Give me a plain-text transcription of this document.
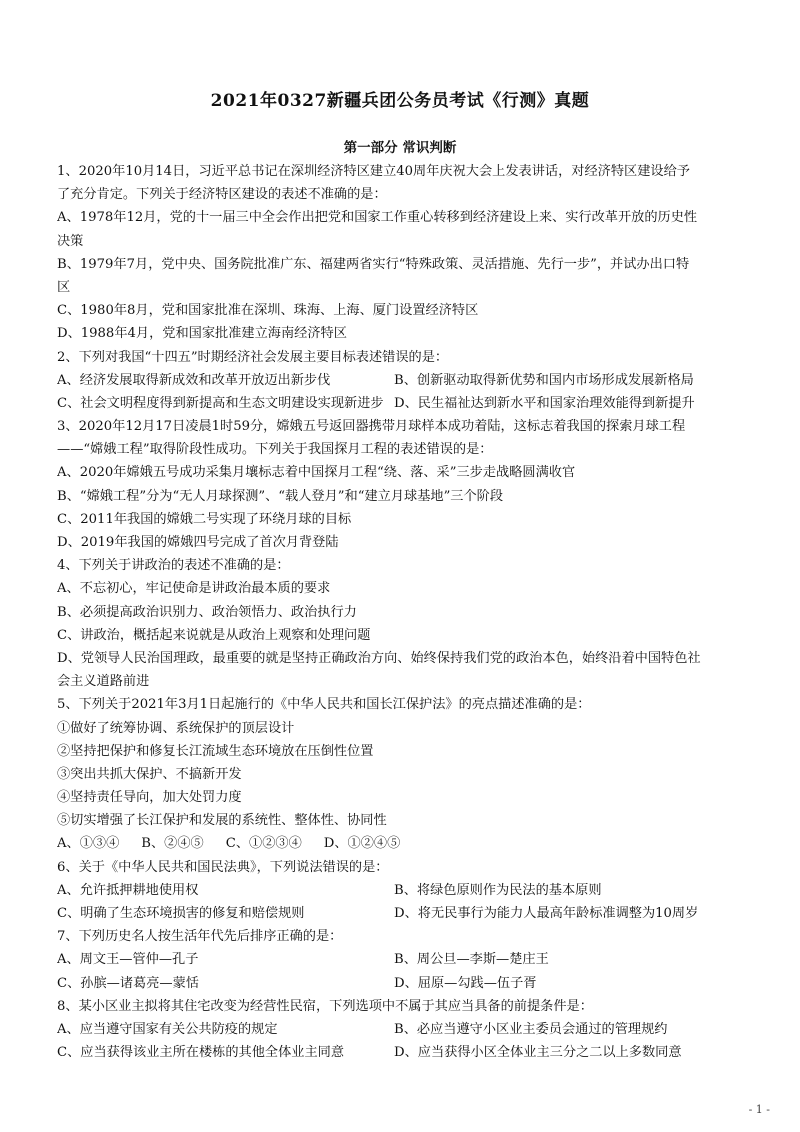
2021年0327新疆兵团公务员考试《行测》真题
第一部分 常识判断
1、2020年10月14日，习近平总书记在深圳经济特区建立40周年庆祝大会上发表讲话，对经济特区建设给予
了充分肯定。下列关于经济特区建设的表述不准确的是：
A、1978年12月，党的十一届三中全会作出把党和国家工作重心转移到经济建设上来、实行改革开放的历史性
决策
B、1979年7月，党中央、国务院批准广东、福建两省实行“特殊政策、灵活措施、先行一步”，并试办出口特
区
C、1980年8月，党和国家批准在深圳、珠海、上海、厦门设置经济特区
D、1988年4月，党和国家批准建立海南经济特区
2、下列对我国“十四五”时期经济社会发展主要目标表述错误的是：
A、经济发展取得新成效和改革开放迈出新步伐	B、创新驱动取得新优势和国内市场形成发展新格局
C、社会文明程度得到新提高和生态文明建设实现新进步 D、民生福祉达到新水平和国家治理效能得到新提升
3、2020年12月17日凌晨1时59分，嫦娥五号返回器携带月球样本成功着陆，这标志着我国的探索月球工程
——“嫦娥工程”取得阶段性成功。下列关于我国探月工程的表述错误的是：
A、2020年嫦娥五号成功采集月壤标志着中国探月工程“绕、落、采”三步走战略圆满收官
B、“嫦娥工程”分为“无人月球探测”、“载人登月”和“建立月球基地”三个阶段
C、2011年我国的嫦娥二号实现了环绕月球的目标
D、2019年我国的嫦娥四号完成了首次月背登陆
4、下列关于讲政治的表述不准确的是：
A、不忘初心，牢记使命是讲政治最本质的要求
B、必须提高政治识别力、政治领悟力、政治执行力
C、讲政治，概括起来说就是从政治上观察和处理问题
D、党领导人民治国理政，最重要的就是坚持正确政治方向、始终保持我们党的政治本色，始终沿着中国特色社
会主义道路前进
5、下列关于2021年3月1日起施行的《中华人民共和国长江保护法》的亮点描述准确的是：
①做好了统筹协调、系统保护的顶层设计
②坚持把保护和修复长江流域生态环境放在压倒性位置
③突出共抓大保护、不搞新开发
④坚持责任导向，加大处罚力度
⑤切实增强了长江保护和发展的系统性、整体性、协同性
A、①③④ B、②④⑤ C、①②③④ D、①②④⑤
6、关于《中华人民共和国民法典》，下列说法错误的是：
A、允许抵押耕地使用权	B、将绿色原则作为民法的基本原则
C、明确了生态环境损害的修复和赔偿规则	D、将无民事行为能力人最高年龄标准调整为10周岁
7、下列历史名人按生活年代先后排序正确的是：
A、周文王—管仲—孔子	B、周公旦—李斯—楚庄王
C、孙膑—诸葛亮—蒙恬	D、屈原—勾践—伍子胥
8、某小区业主拟将其住宅改变为经营性民宿，下列选项中不属于其应当具备的前提条件是：
A、应当遵守国家有关公共防疫的规定	B、必应当遵守小区业主委员会通过的管理规约
C、应当获得该业主所在楼栋的其他全体业主同意	D、应当获得小区全体业主三分之二以上多数同意
- 1 -
